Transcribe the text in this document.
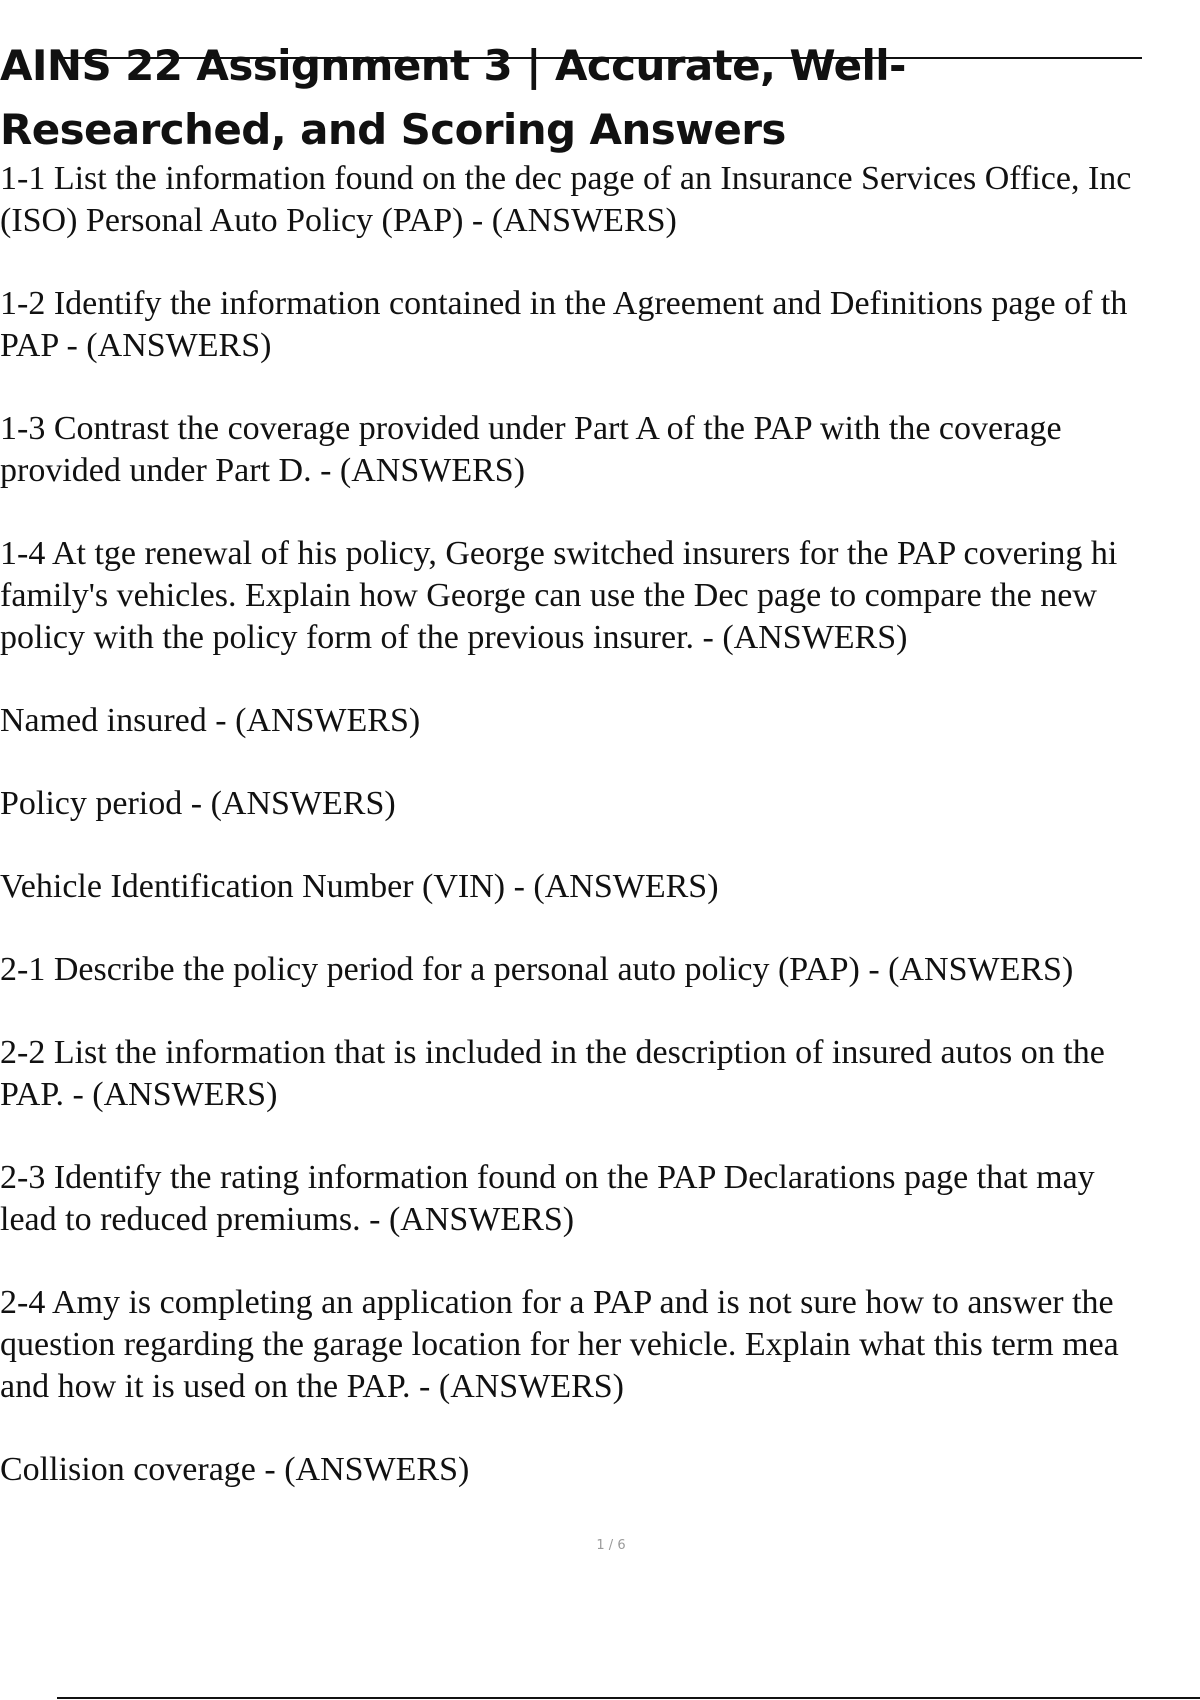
AINS 22 Assignment 3 | Accurate, Well-
Researched, and Scoring Answers

1-1 List the information found on the dec page of an Insurance Services Office, Inc
(ISO) Personal Auto Policy (PAP) - (ANSWERS)

1-2 Identify the information contained in the Agreement and Definitions page of th
PAP - (ANSWERS)

1-3 Contrast the coverage provided under Part A of the PAP with the coverage
provided under Part D. - (ANSWERS)

1-4 At tge renewal of his policy, George switched insurers for the PAP covering hi
family's vehicles. Explain how George can use the Dec page to compare the new
policy with the policy form of the previous insurer. - (ANSWERS)

Named insured - (ANSWERS)

Policy period - (ANSWERS)

Vehicle Identification Number (VIN) - (ANSWERS)

2-1 Describe the policy period for a personal auto policy (PAP) - (ANSWERS)

2-2 List the information that is included in the description of insured autos on the
PAP. - (ANSWERS)

2-3 Identify the rating information found on the PAP Declarations page that may
lead to reduced premiums. - (ANSWERS)

2-4 Amy is completing an application for a PAP and is not sure how to answer the
question regarding the garage location for her vehicle. Explain what this term mea
and how it is used on the PAP. - (ANSWERS)

Collision coverage - (ANSWERS)

1 / 6
